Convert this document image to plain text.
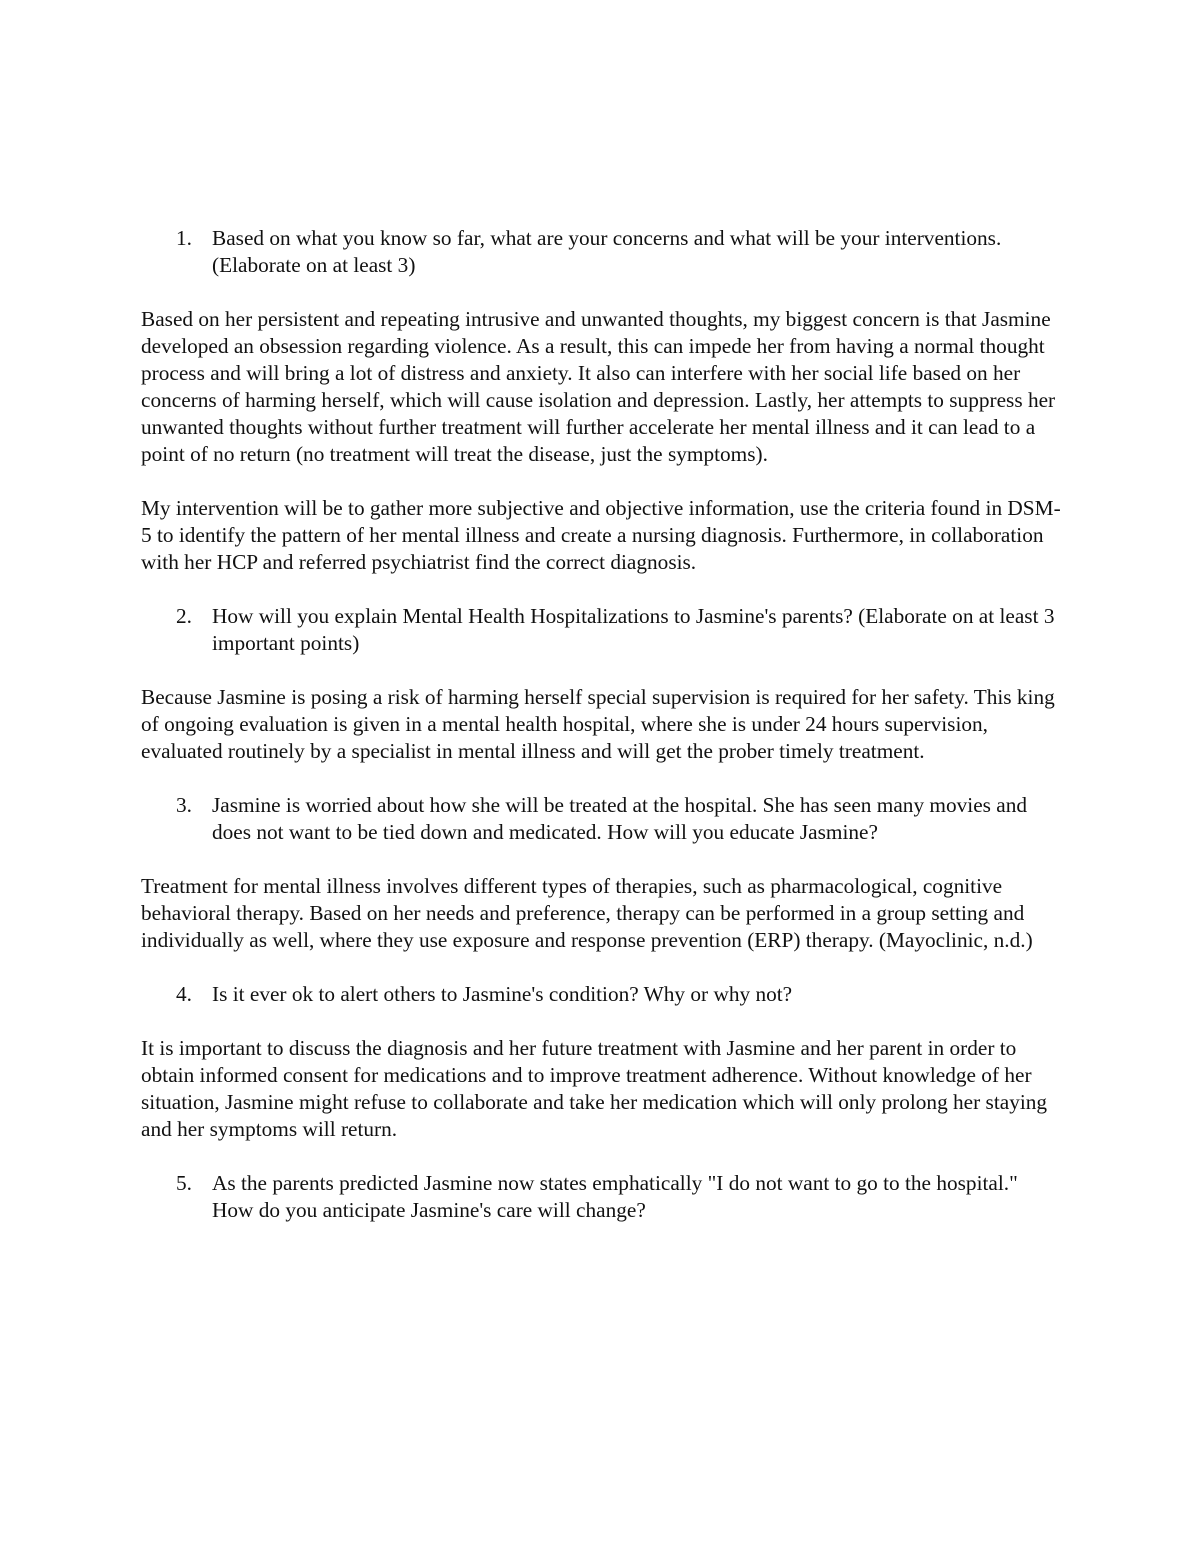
1. Based on what you know so far, what are your concerns and what will be your interventions. (Elaborate on at least 3)

Based on her persistent and repeating intrusive and unwanted thoughts, my biggest concern is that Jasmine developed an obsession regarding violence. As a result, this can impede her from having a normal thought process and will bring a lot of distress and anxiety. It also can interfere with her social life based on her concerns of harming herself, which will cause isolation and depression. Lastly, her attempts to suppress her unwanted thoughts without further treatment will further accelerate her mental illness and it can lead to a point of no return (no treatment will treat the disease, just the symptoms).

My intervention will be to gather more subjective and objective information, use the criteria found in DSM-5 to identify the pattern of her mental illness and create a nursing diagnosis. Furthermore, in collaboration with her HCP and referred psychiatrist find the correct diagnosis.

2. How will you explain Mental Health Hospitalizations to Jasmine's parents? (Elaborate on at least 3 important points)

Because Jasmine is posing a risk of harming herself special supervision is required for her safety. This king of ongoing evaluation is given in a mental health hospital, where she is under 24 hours supervision, evaluated routinely by a specialist in mental illness and will get the prober timely treatment.

3. Jasmine is worried about how she will be treated at the hospital. She has seen many movies and does not want to be tied down and medicated. How will you educate Jasmine?

Treatment for mental illness involves different types of therapies, such as pharmacological, cognitive behavioral therapy. Based on her needs and preference, therapy can be performed in a group setting and individually as well, where they use exposure and response prevention (ERP) therapy. (Mayoclinic, n.d.)

4. Is it ever ok to alert others to Jasmine's condition? Why or why not?

It is important to discuss the diagnosis and her future treatment with Jasmine and her parent in order to obtain informed consent for medications and to improve treatment adherence. Without knowledge of her situation, Jasmine might refuse to collaborate and take her medication which will only prolong her staying and her symptoms will return.

5. As the parents predicted Jasmine now states emphatically "I do not want to go to the hospital." How do you anticipate Jasmine's care will change?
